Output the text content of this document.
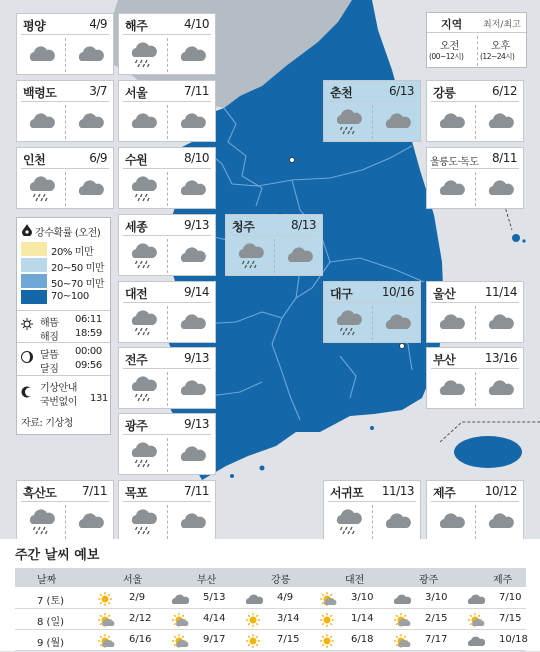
평양	4/9 해주	4/10
백령도	3/7 서울	7/11	춘천	6/13 강릉	6/12
인천	6/9 수원	8/10	울릉도·독도 8/11
세종	9/13 청주	8/13
대전	9/14	대구 10/16 울산 11/14
전주	9/13	부산 13/16
광주	9/13
흑산도 7/11 목포	7/11	서귀포 11/13 제주 10/12
지역 최저/최고
오전
(00~12시)
오후
(12~24시)
강수확률 (오전)
20% 미만
20~50 미만
50~70 미만
70~100
해뜸 06:11
해짐 18:59
달뜸 00:00
달짐 09:56
기상안내
국번없이 131
자료: 기상청
주간 날씨 예보
날짜	서울	부산	강릉	대전	광주	제주
7 (토)	2/9	5/13	4/9	3/10	3/10	7/10
8 (일)	2/12	4/14	3/14	1/14	2/15	7/15
9 (월)	6/16	9/17	7/15	6/18	7/17	10/18
